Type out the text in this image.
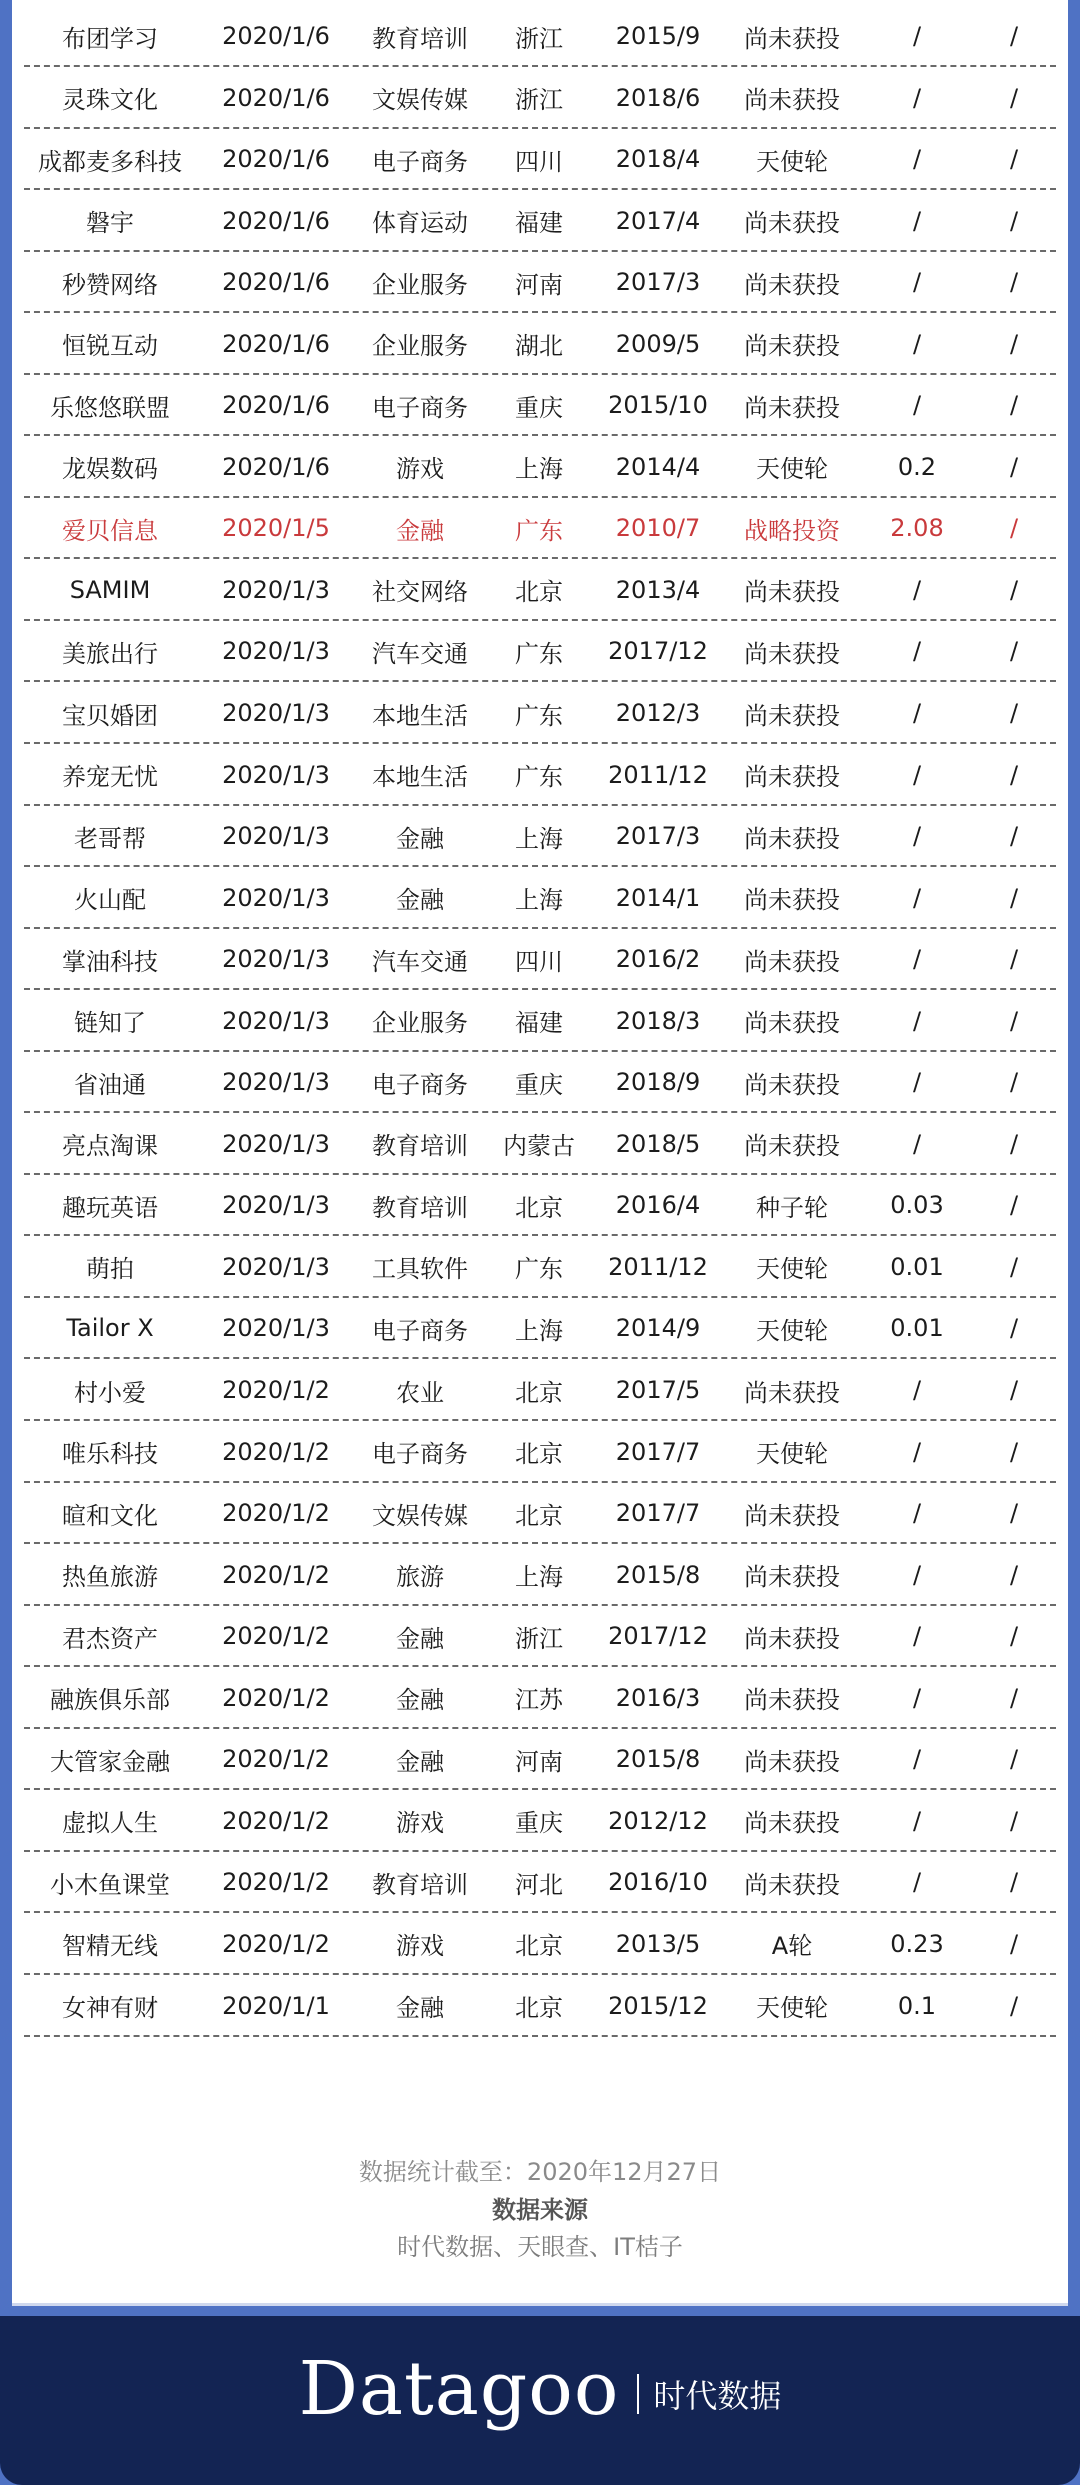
布团学习	2020/1/6	教育培训	浙江	2015/9	尚未获投	/	/
灵珠文化	2020/1/6	文娱传媒	浙江	2018/6	尚未获投	/	/
成都麦多科技	2020/1/6	电子商务	四川	2018/4	天使轮	/	/
磐宇	2020/1/6	体育运动	福建	2017/4	尚未获投	/	/
秒赞网络	2020/1/6	企业服务	河南	2017/3	尚未获投	/	/
恒锐互动	2020/1/6	企业服务	湖北	2009/5	尚未获投	/	/
乐悠悠联盟	2020/1/6	电子商务	重庆	2015/10	尚未获投	/	/
龙娱数码	2020/1/6	游戏	上海	2014/4	天使轮	0.2	/
爱贝信息	2020/1/5	金融	广东	2010/7	战略投资	2.08	/
SAMIM	2020/1/3	社交网络	北京	2013/4	尚未获投	/	/
美旅出行	2020/1/3	汽车交通	广东	2017/12	尚未获投	/	/
宝贝婚团	2020/1/3	本地生活	广东	2012/3	尚未获投	/	/
养宠无忧	2020/1/3	本地生活	广东	2011/12	尚未获投	/	/
老哥帮	2020/1/3	金融	上海	2017/3	尚未获投	/	/
火山配	2020/1/3	金融	上海	2014/1	尚未获投	/	/
掌油科技	2020/1/3	汽车交通	四川	2016/2	尚未获投	/	/
链知了	2020/1/3	企业服务	福建	2018/3	尚未获投	/	/
省油通	2020/1/3	电子商务	重庆	2018/9	尚未获投	/	/
亮点淘课	2020/1/3	教育培训	内蒙古	2018/5	尚未获投	/	/
趣玩英语	2020/1/3	教育培训	北京	2016/4	种子轮	0.03	/
萌拍	2020/1/3	工具软件	广东	2011/12	天使轮	0.01	/
Tailor X	2020/1/3	电子商务	上海	2014/9	天使轮	0.01	/
村小爱	2020/1/2	农业	北京	2017/5	尚未获投	/	/
唯乐科技	2020/1/2	电子商务	北京	2017/7	天使轮	/	/
暄和文化	2020/1/2	文娱传媒	北京	2017/7	尚未获投	/	/
热鱼旅游	2020/1/2	旅游	上海	2015/8	尚未获投	/	/
君杰资产	2020/1/2	金融	浙江	2017/12	尚未获投	/	/
融族俱乐部	2020/1/2	金融	江苏	2016/3	尚未获投	/	/
大管家金融	2020/1/2	金融	河南	2015/8	尚未获投	/	/
虚拟人生	2020/1/2	游戏	重庆	2012/12	尚未获投	/	/
小木鱼课堂	2020/1/2	教育培训	河北	2016/10	尚未获投	/	/
智精无线	2020/1/2	游戏	北京	2013/5	A轮	0.23	/
女神有财	2020/1/1	金融	北京	2015/12	天使轮	0.1	/
数据统计截至：2020年12月27日
数据来源
时代数据、天眼查、IT桔子
Datagoo 时代数据
